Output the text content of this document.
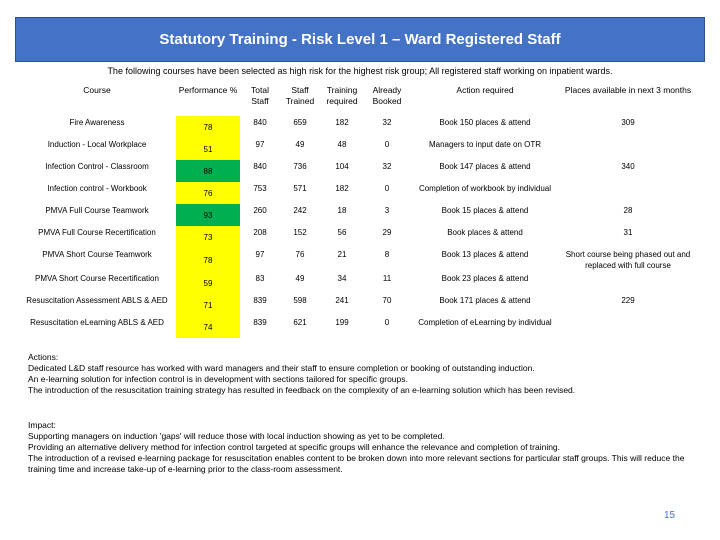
Statutory Training - Risk Level 1 – Ward Registered Staff
The following courses have been selected as high risk for the highest risk group; All registered staff working on inpatient wards.
Course	Performance %	Total Staff	Staff Trained	Training required	Already Booked	Action required	Places available in next 3 months
Fire Awareness	78	840	659	182	32	Book 150 places & attend	309
Induction - Local Workplace	51	97	49	48	0	Managers to input date on OTR	
Infection Control - Classroom	88	840	736	104	32	Book 147 places & attend	340
Infection control - Workbook	76	753	571	182	0	Completion of workbook by individual	
PMVA Full Course Teamwork	93	260	242	18	3	Book 15 places & attend	28
PMVA Full Course Recertification	73	208	152	56	29	Book places & attend	31
PMVA Short Course Teamwork	78	97	76	21	8	Book 13 places & attend	Short course being phased out and replaced with full course
PMVA Short Course Recertification	59	83	49	34	11	Book 23 places & attend	
Resuscitation Assessment ABLS & AED	71	839	598	241	70	Book 171 places & attend	229
Resuscitation eLearning ABLS & AED	74	839	621	199	0	Completion of eLearning by individual	
Actions:
Dedicated L&D staff resource has worked with ward managers and their staff to ensure completion or booking of outstanding induction.
An e-learning solution for infection control is in development with sections tailored for specific groups.
The introduction of the resuscitation training strategy has resulted in feedback on the complexity of an e-learning solution which has been revised.
Impact:
Supporting managers on induction 'gaps' will reduce those with local induction showing as yet to be completed.
Providing an alternative delivery method for infection control targeted at specific groups will enhance the relevance and completion of training.
The introduction of a revised e-learning package for resuscitation enables content to be broken down into more relevant sections for particular staff groups. This will reduce the training time and increase take-up of e-learning prior to the class-room assessment.
15
